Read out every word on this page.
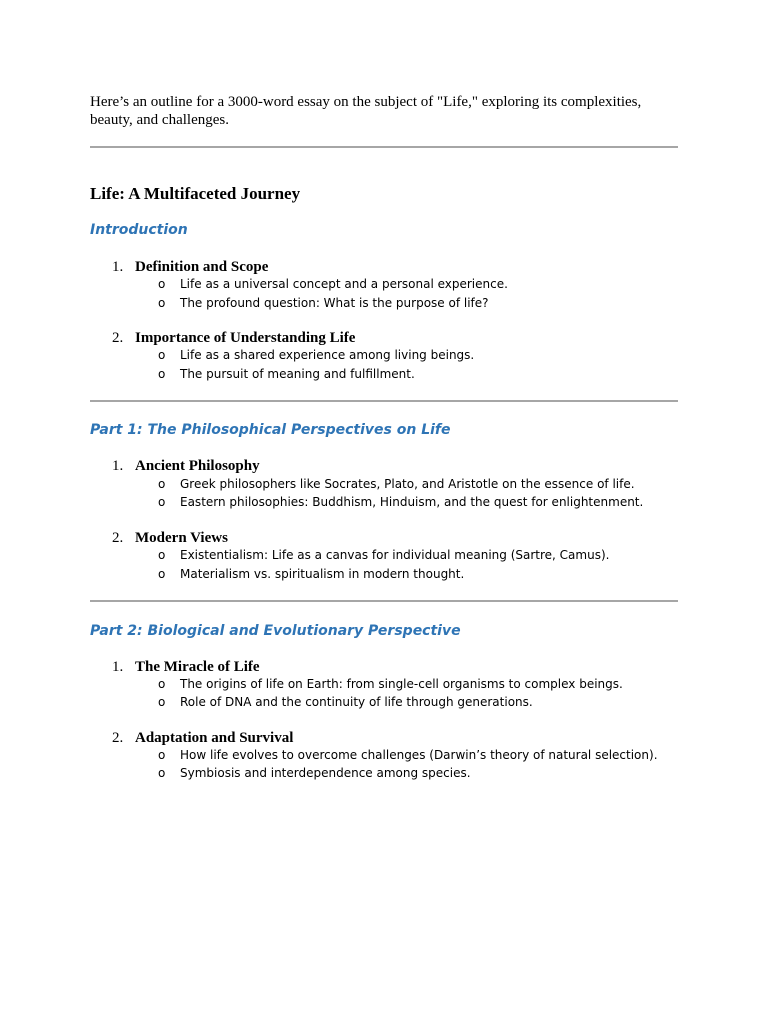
Here’s an outline for a 3000-word essay on the subject of "Life," exploring its complexities, beauty, and challenges.

Life: A Multifaceted Journey
Introduction
1. Definition and Scope
o Life as a universal concept and a personal experience.
o The profound question: What is the purpose of life?
2. Importance of Understanding Life
o Life as a shared experience among living beings.
o The pursuit of meaning and fulfillment.
Part 1: The Philosophical Perspectives on Life
1. Ancient Philosophy
o Greek philosophers like Socrates, Plato, and Aristotle on the essence of life.
o Eastern philosophies: Buddhism, Hinduism, and the quest for enlightenment.
2. Modern Views
o Existentialism: Life as a canvas for individual meaning (Sartre, Camus).
o Materialism vs. spiritualism in modern thought.
Part 2: Biological and Evolutionary Perspective
1. The Miracle of Life
o The origins of life on Earth: from single-cell organisms to complex beings.
o Role of DNA and the continuity of life through generations.
2. Adaptation and Survival
o How life evolves to overcome challenges (Darwin’s theory of natural selection).
o Symbiosis and interdependence among species.
